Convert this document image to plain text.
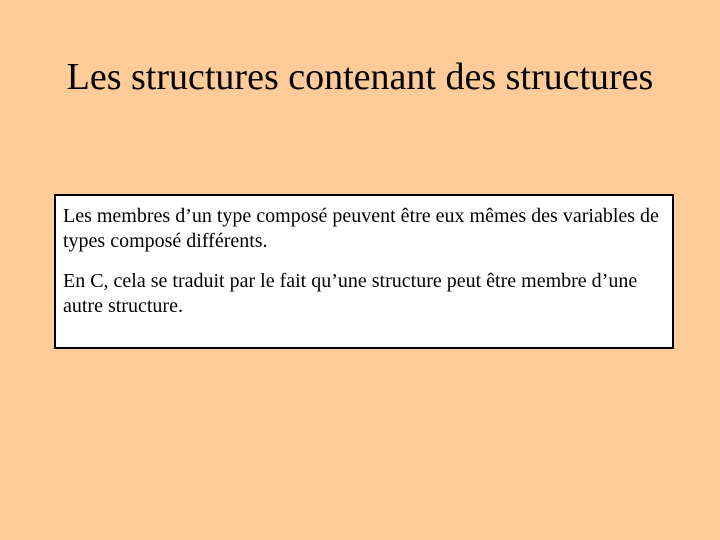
Les structures contenant des structures

Les membres d’un type composé peuvent être eux mêmes des variables de types composé différents.

En C, cela se traduit par le fait qu’une structure peut être membre d’une autre structure.
